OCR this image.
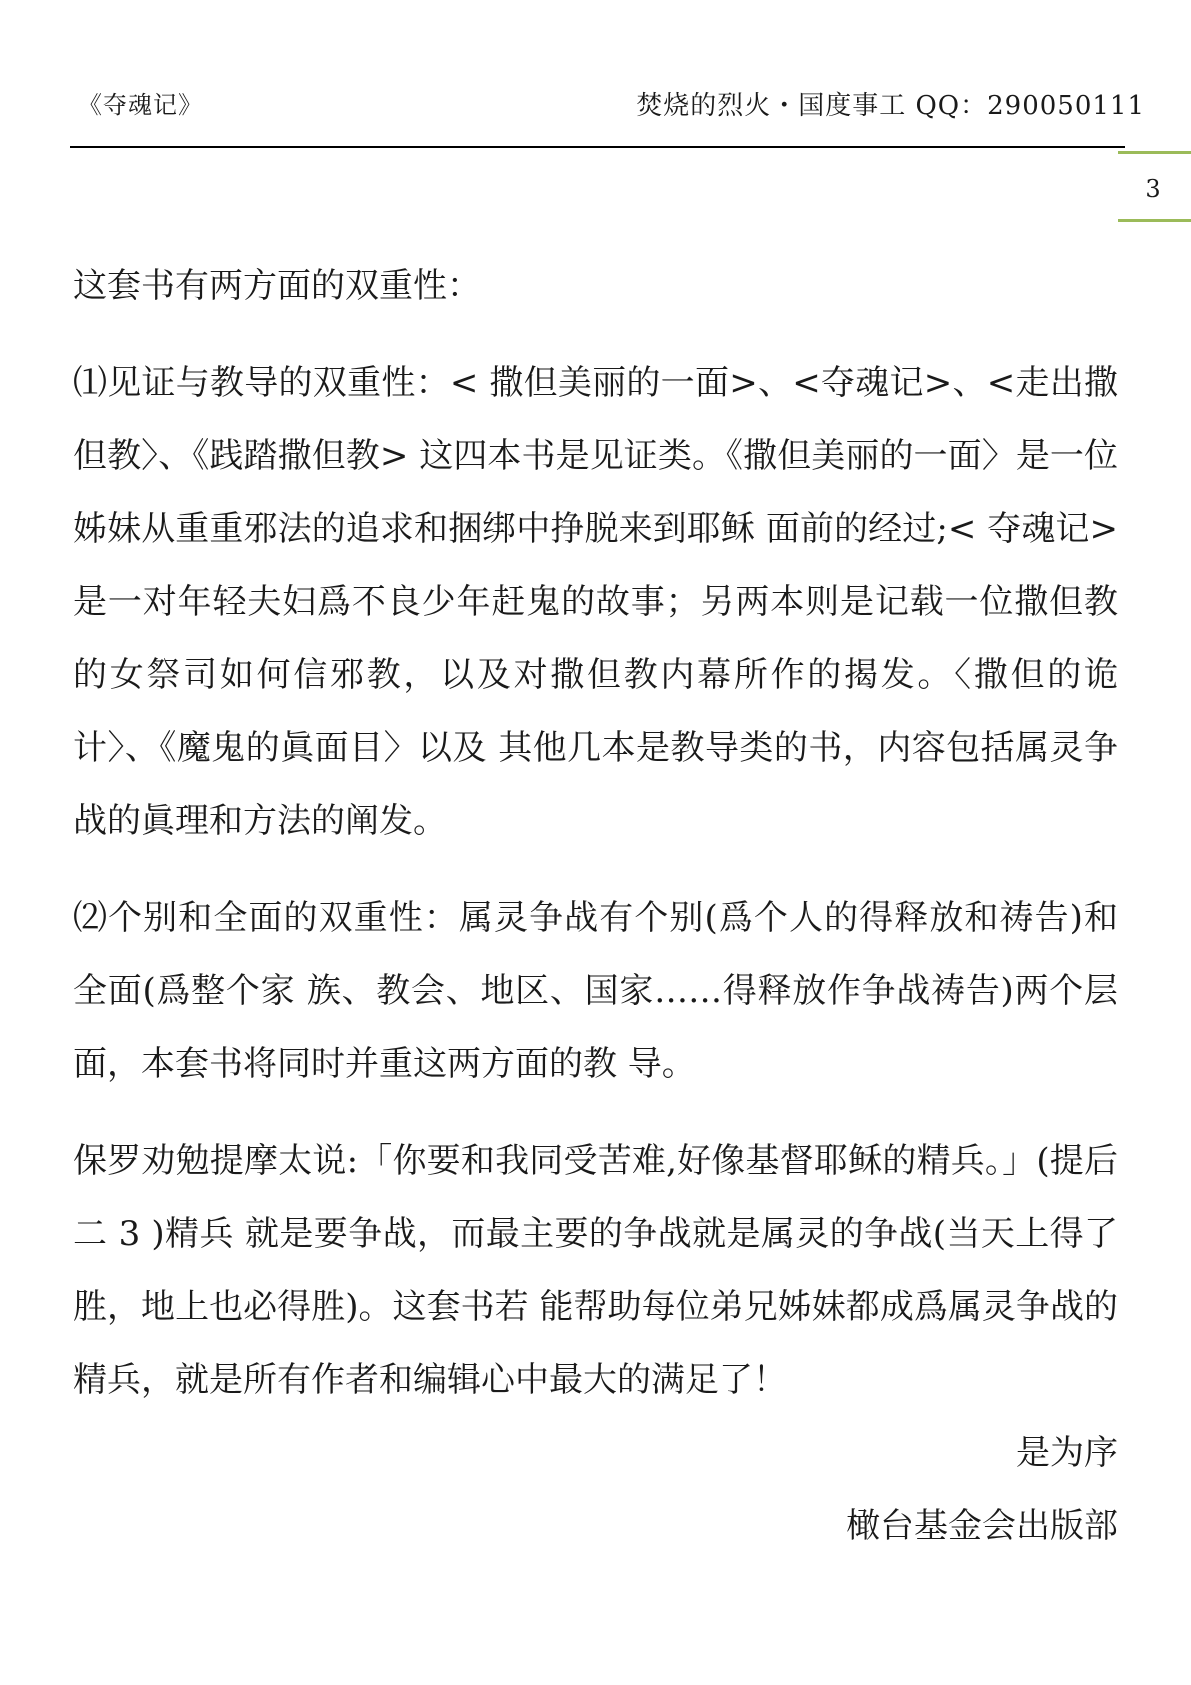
《夺魂记》	焚烧的烈火・国度事工 QQ：290050111
3

这套书有两方面的双重性：

⑴见证与教导的双重性：< 撒但美丽的一面>、<夺魂记>、<走出撒但教〉、《践踏撒但教> 这四本书是见证类。《撒但美丽的一面〉是一位姊妹从重重邪法的追求和捆绑中挣脱来到耶稣 面前的经过;< 夺魂记> 是一对年轻夫妇爲不良少年赶鬼的故事；另两本则是记载一位撒但教的女祭司如何信邪教，以及对撒但教内幕所作的揭发。〈撒但的诡计〉、《魔鬼的眞面目〉以及 其他几本是教导类的书，内容包括属灵争战的眞理和方法的阐发。

⑵个别和全面的双重性：属灵争战有个别(爲个人的得释放和祷告)和全面(爲整个家 族、教会、地区、国家……得释放作争战祷告)两个层面，本套书将同时并重这两方面的教 导。

保罗劝勉提摩太说:「你要和我同受苦难,好像基督耶稣的精兵。」(提后二 3 )精兵 就是要争战，而最主要的争战就是属灵的争战(当天上得了胜，地上也必得胜)。这套书若 能帮助每位弟兄姊妹都成爲属灵争战的精兵，就是所有作者和编辑心中最大的满足了！

是为序

橄台基金会出版部
